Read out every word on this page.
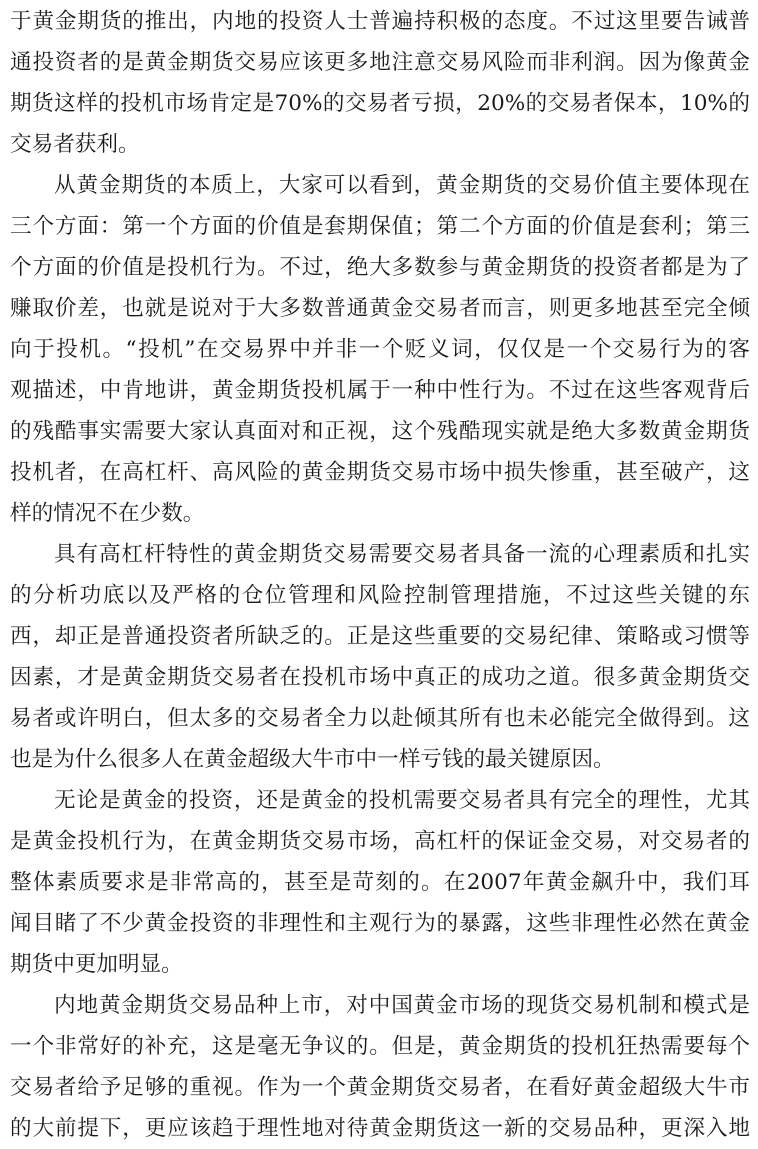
于黄金期货的推出，内地的投资人士普遍持积极的态度。不过这里要告诫普
通投资者的是黄金期货交易应该更多地注意交易风险而非利润。因为像黄金
期货这样的投机市场肯定是70%的交易者亏损，20%的交易者保本，10%的
交易者获利。
从黄金期货的本质上，大家可以看到，黄金期货的交易价值主要体现在
三个方面：第一个方面的价值是套期保值；第二个方面的价值是套利；第三
个方面的价值是投机行为。不过，绝大多数参与黄金期货的投资者都是为了
赚取价差，也就是说对于大多数普通黄金交易者而言，则更多地甚至完全倾
向于投机。“投机”在交易界中并非一个贬义词，仅仅是一个交易行为的客
观描述，中肯地讲，黄金期货投机属于一种中性行为。不过在这些客观背后
的残酷事实需要大家认真面对和正视，这个残酷现实就是绝大多数黄金期货
投机者，在高杠杆、高风险的黄金期货交易市场中损失惨重，甚至破产，这
样的情况不在少数。
具有高杠杆特性的黄金期货交易需要交易者具备一流的心理素质和扎实
的分析功底以及严格的仓位管理和风险控制管理措施，不过这些关键的东
西，却正是普通投资者所缺乏的。正是这些重要的交易纪律、策略或习惯等
因素，才是黄金期货交易者在投机市场中真正的成功之道。很多黄金期货交
易者或许明白，但太多的交易者全力以赴倾其所有也未必能完全做得到。这
也是为什么很多人在黄金超级大牛市中一样亏钱的最关键原因。
无论是黄金的投资，还是黄金的投机需要交易者具有完全的理性，尤其
是黄金投机行为，在黄金期货交易市场，高杠杆的保证金交易，对交易者的
整体素质要求是非常高的，甚至是苛刻的。在2007年黄金飙升中，我们耳
闻目睹了不少黄金投资的非理性和主观行为的暴露，这些非理性必然在黄金
期货中更加明显。
内地黄金期货交易品种上市，对中国黄金市场的现货交易机制和模式是
一个非常好的补充，这是毫无争议的。但是，黄金期货的投机狂热需要每个
交易者给予足够的重视。作为一个黄金期货交易者，在看好黄金超级大牛市
的大前提下，更应该趋于理性地对待黄金期货这一新的交易品种，更深入地
